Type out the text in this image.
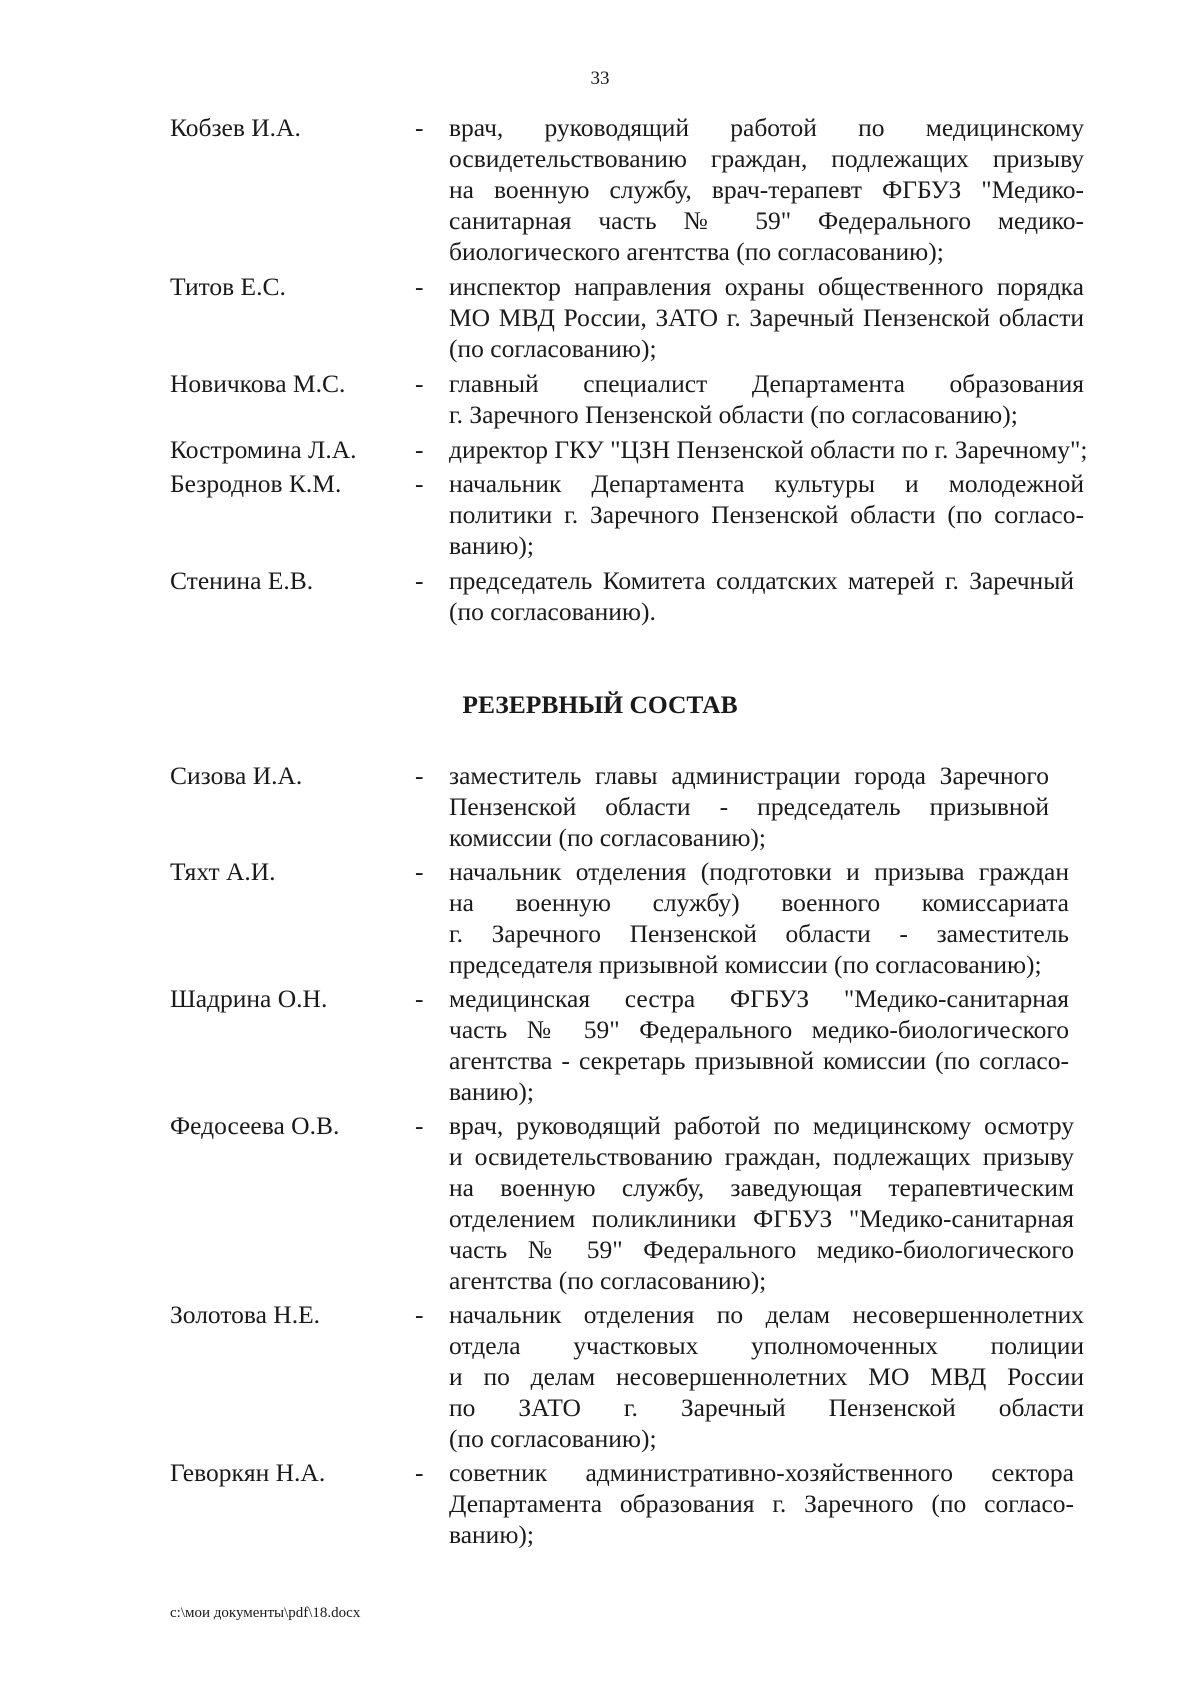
33
Кобзев И.А.	-	врач, руководящий работой по медицинскому
освидетельствованию граждан, подлежащих призыву
на военную службу, врач-терапевт ФГБУЗ "Медико-
санитарная часть № 59" Федерального медико-
биологического агентства (по согласованию);
Титов Е.С.	-	инспектор направления охраны общественного порядка
МО МВД России, ЗАТО г. Заречный Пензенской области
(по согласованию);
Новичкова М.С.	-	главный специалист Департамента образования
г. Заречного Пензенской области (по согласованию);
Костромина Л.А.	-	директор ГКУ "ЦЗН Пензенской области по г. Заречному";
Безроднов К.М.	-	начальник Департамента культуры и молодежной
политики г. Заречного Пензенской области (по согласо-
ванию);
Стенина Е.В.	-	председатель Комитета солдатских матерей г. Заречный
(по согласованию).
РЕЗЕРВНЫЙ СОСТАВ
Сизова И.А.	-	заместитель главы администрации города Заречного
Пензенской области - председатель призывной
комиссии (по согласованию);
Тяхт А.И.	-	начальник отделения (подготовки и призыва граждан
на военную службу) военного комиссариата
г. Заречного Пензенской области - заместитель
председателя призывной комиссии (по согласованию);
Шадрина О.Н.	-	медицинская сестра ФГБУЗ "Медико-санитарная
часть № 59" Федерального медико-биологического
агентства - секретарь призывной комиссии (по согласо-
ванию);
Федосеева О.В.	-	врач, руководящий работой по медицинскому осмотру
и освидетельствованию граждан, подлежащих призыву
на военную службу, заведующая терапевтическим
отделением поликлиники ФГБУЗ "Медико-санитарная
часть № 59" Федерального медико-биологического
агентства (по согласованию);
Золотова Н.Е.	-	начальник отделения по делам несовершеннолетних
отдела участковых уполномоченных полиции
и по делам несовершеннолетних МО МВД России
по ЗАТО г. Заречный Пензенской области
(по согласованию);
Геворкян Н.А.	-	советник административно-хозяйственного сектора
Департамента образования г. Заречного (по согласо-
ванию);
c:\мои документы\pdf\18.docx
